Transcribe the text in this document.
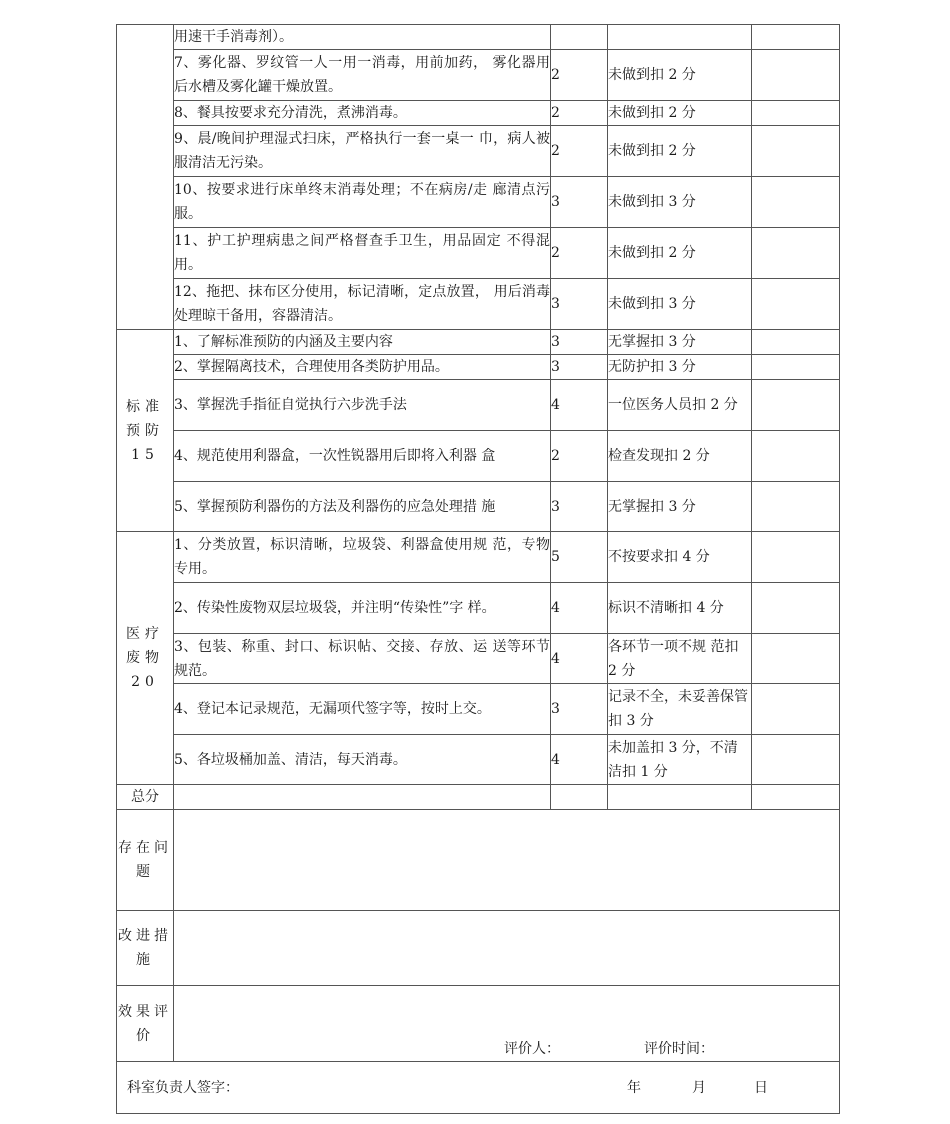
	用速干手消毒剂）。			
	7、雾化器、罗纹管一人一用一消毒，用前加药， 雾化器用后水槽及雾化罐干燥放置。	2	未做到扣 2 分	
	8、餐具按要求充分清洗，煮沸消毒。	2	未做到扣 2 分	
	9、晨/晚间护理湿式扫床，严格执行一套一桌一 巾，病人被服清洁无污染。	2	未做到扣 2 分	
	10、按要求进行床单终末消毒处理；不在病房/走 廊清点污服。	3	未做到扣 3 分	
	11、护工护理病患之间严格督查手卫生，用品固定 不得混用。	2	未做到扣 2 分	
	12、拖把、抹布区分使用，标记清晰，定点放置， 用后消毒处理晾干备用，容器清洁。	3	未做到扣 3 分	
标准预防15	1、了解标准预防的内涵及主要内容	3	无掌握扣 3 分	
	2、掌握隔离技术，合理使用各类防护用品。	3	无防护扣 3 分	
	3、掌握洗手指征自觉执行六步洗手法	4	一位医务人员扣 2 分	
	4、规范使用利器盒，一次性锐器用后即将入利器 盒	2	检查发现扣 2 分	
	5、掌握预防利器伤的方法及利器伤的应急处理措 施	3	无掌握扣 3 分	
医疗废物20	1、分类放置，标识清晰，垃圾袋、利器盒使用规 范，专物专用。	5	不按要求扣 4 分	
	2、传染性废物双层垃圾袋，并注明“传染性”字 样。	4	标识不清晰扣 4 分	
	3、包装、称重、封口、标识帖、交接、存放、运 送等环节规范。	4	各环节一项不规 范扣 2 分	
	4、登记本记录规范，无漏项代签字等，按时上交。	3	记录不全，未妥善保管扣 3 分	
	5、各垃圾桶加盖、清洁，每天消毒。	4	未加盖扣 3 分，不清洁扣 1 分	
总分				
存在问题				
改进措施				
效果评价	评价人： 评价时间：			

科室负责人签字： 年 月 日				
